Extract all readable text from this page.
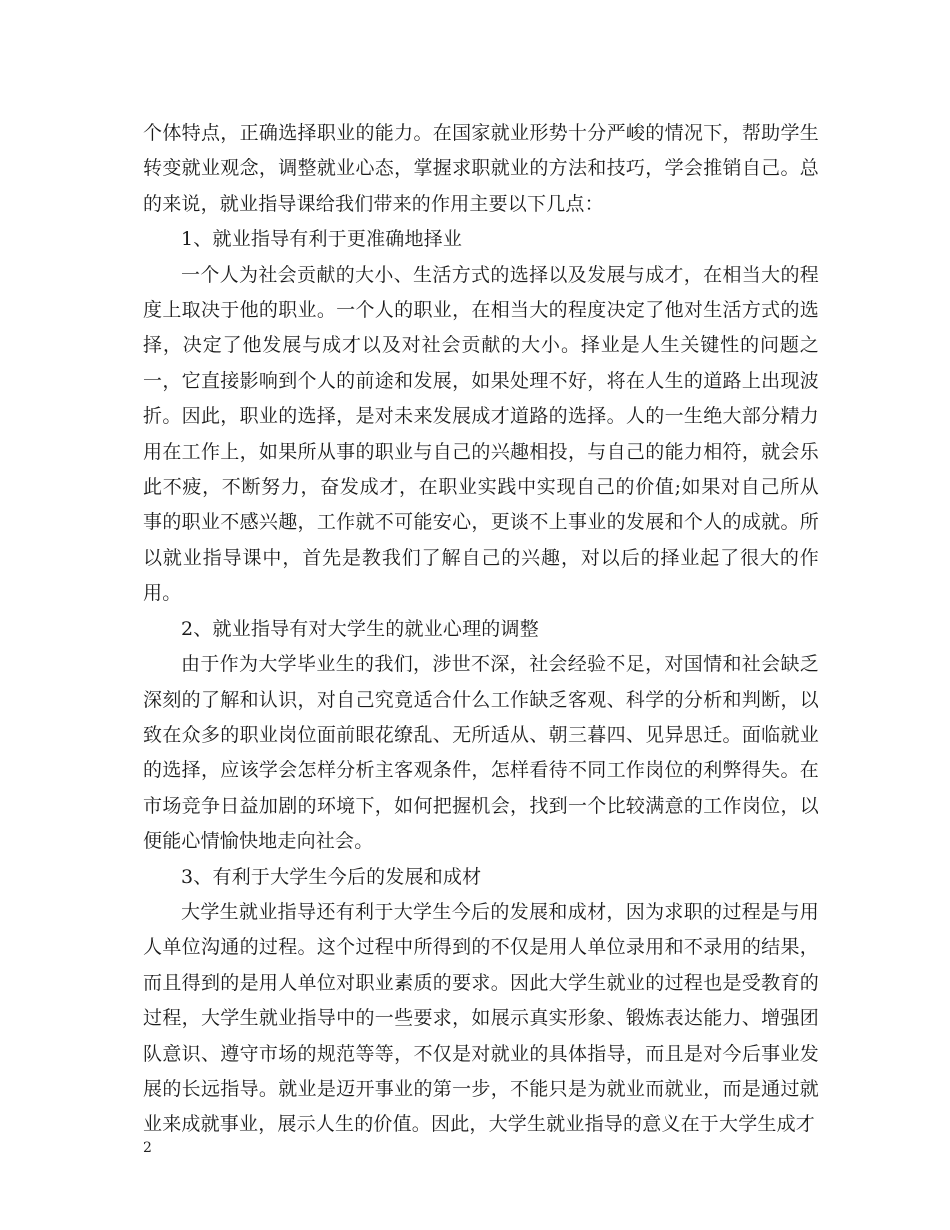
个体特点，正确选择职业的能力。在国家就业形势十分严峻的情况下，帮助学生转变就业观念，调整就业心态，掌握求职就业的方法和技巧，学会推销自己。总的来说，就业指导课给我们带来的作用主要以下几点：

1、就业指导有利于更准确地择业

一个人为社会贡献的大小、生活方式的选择以及发展与成才，在相当大的程度上取决于他的职业。一个人的职业，在相当大的程度决定了他对生活方式的选择，决定了他发展与成才以及对社会贡献的大小。择业是人生关键性的问题之一，它直接影响到个人的前途和发展，如果处理不好，将在人生的道路上出现波折。因此，职业的选择，是对未来发展成才道路的选择。人的一生绝大部分精力用在工作上，如果所从事的职业与自己的兴趣相投，与自己的能力相符，就会乐此不疲，不断努力，奋发成才，在职业实践中实现自己的价值;如果对自己所从事的职业不感兴趣，工作就不可能安心，更谈不上事业的发展和个人的成就。所以就业指导课中，首先是教我们了解自己的兴趣，对以后的择业起了很大的作用。

2、就业指导有对大学生的就业心理的调整

由于作为大学毕业生的我们，涉世不深，社会经验不足，对国情和社会缺乏深刻的了解和认识，对自己究竟适合什么工作缺乏客观、科学的分析和判断，以致在众多的职业岗位面前眼花缭乱、无所适从、朝三暮四、见异思迁。面临就业的选择，应该学会怎样分析主客观条件，怎样看待不同工作岗位的利弊得失。在市场竞争日益加剧的环境下，如何把握机会，找到一个比较满意的工作岗位，以便能心情愉快地走向社会。

3、有利于大学生今后的发展和成材

大学生就业指导还有利于大学生今后的发展和成材，因为求职的过程是与用人单位沟通的过程。这个过程中所得到的不仅是用人单位录用和不录用的结果，而且得到的是用人单位对职业素质的要求。因此大学生就业的过程也是受教育的过程，大学生就业指导中的一些要求，如展示真实形象、锻炼表达能力、增强团队意识、遵守市场的规范等等，不仅是对就业的具体指导，而且是对今后事业发展的长远指导。就业是迈开事业的第一步，不能只是为就业而就业，而是通过就业来成就事业，展示人生的价值。因此，大学生就业指导的意义在于大学生成才

2
